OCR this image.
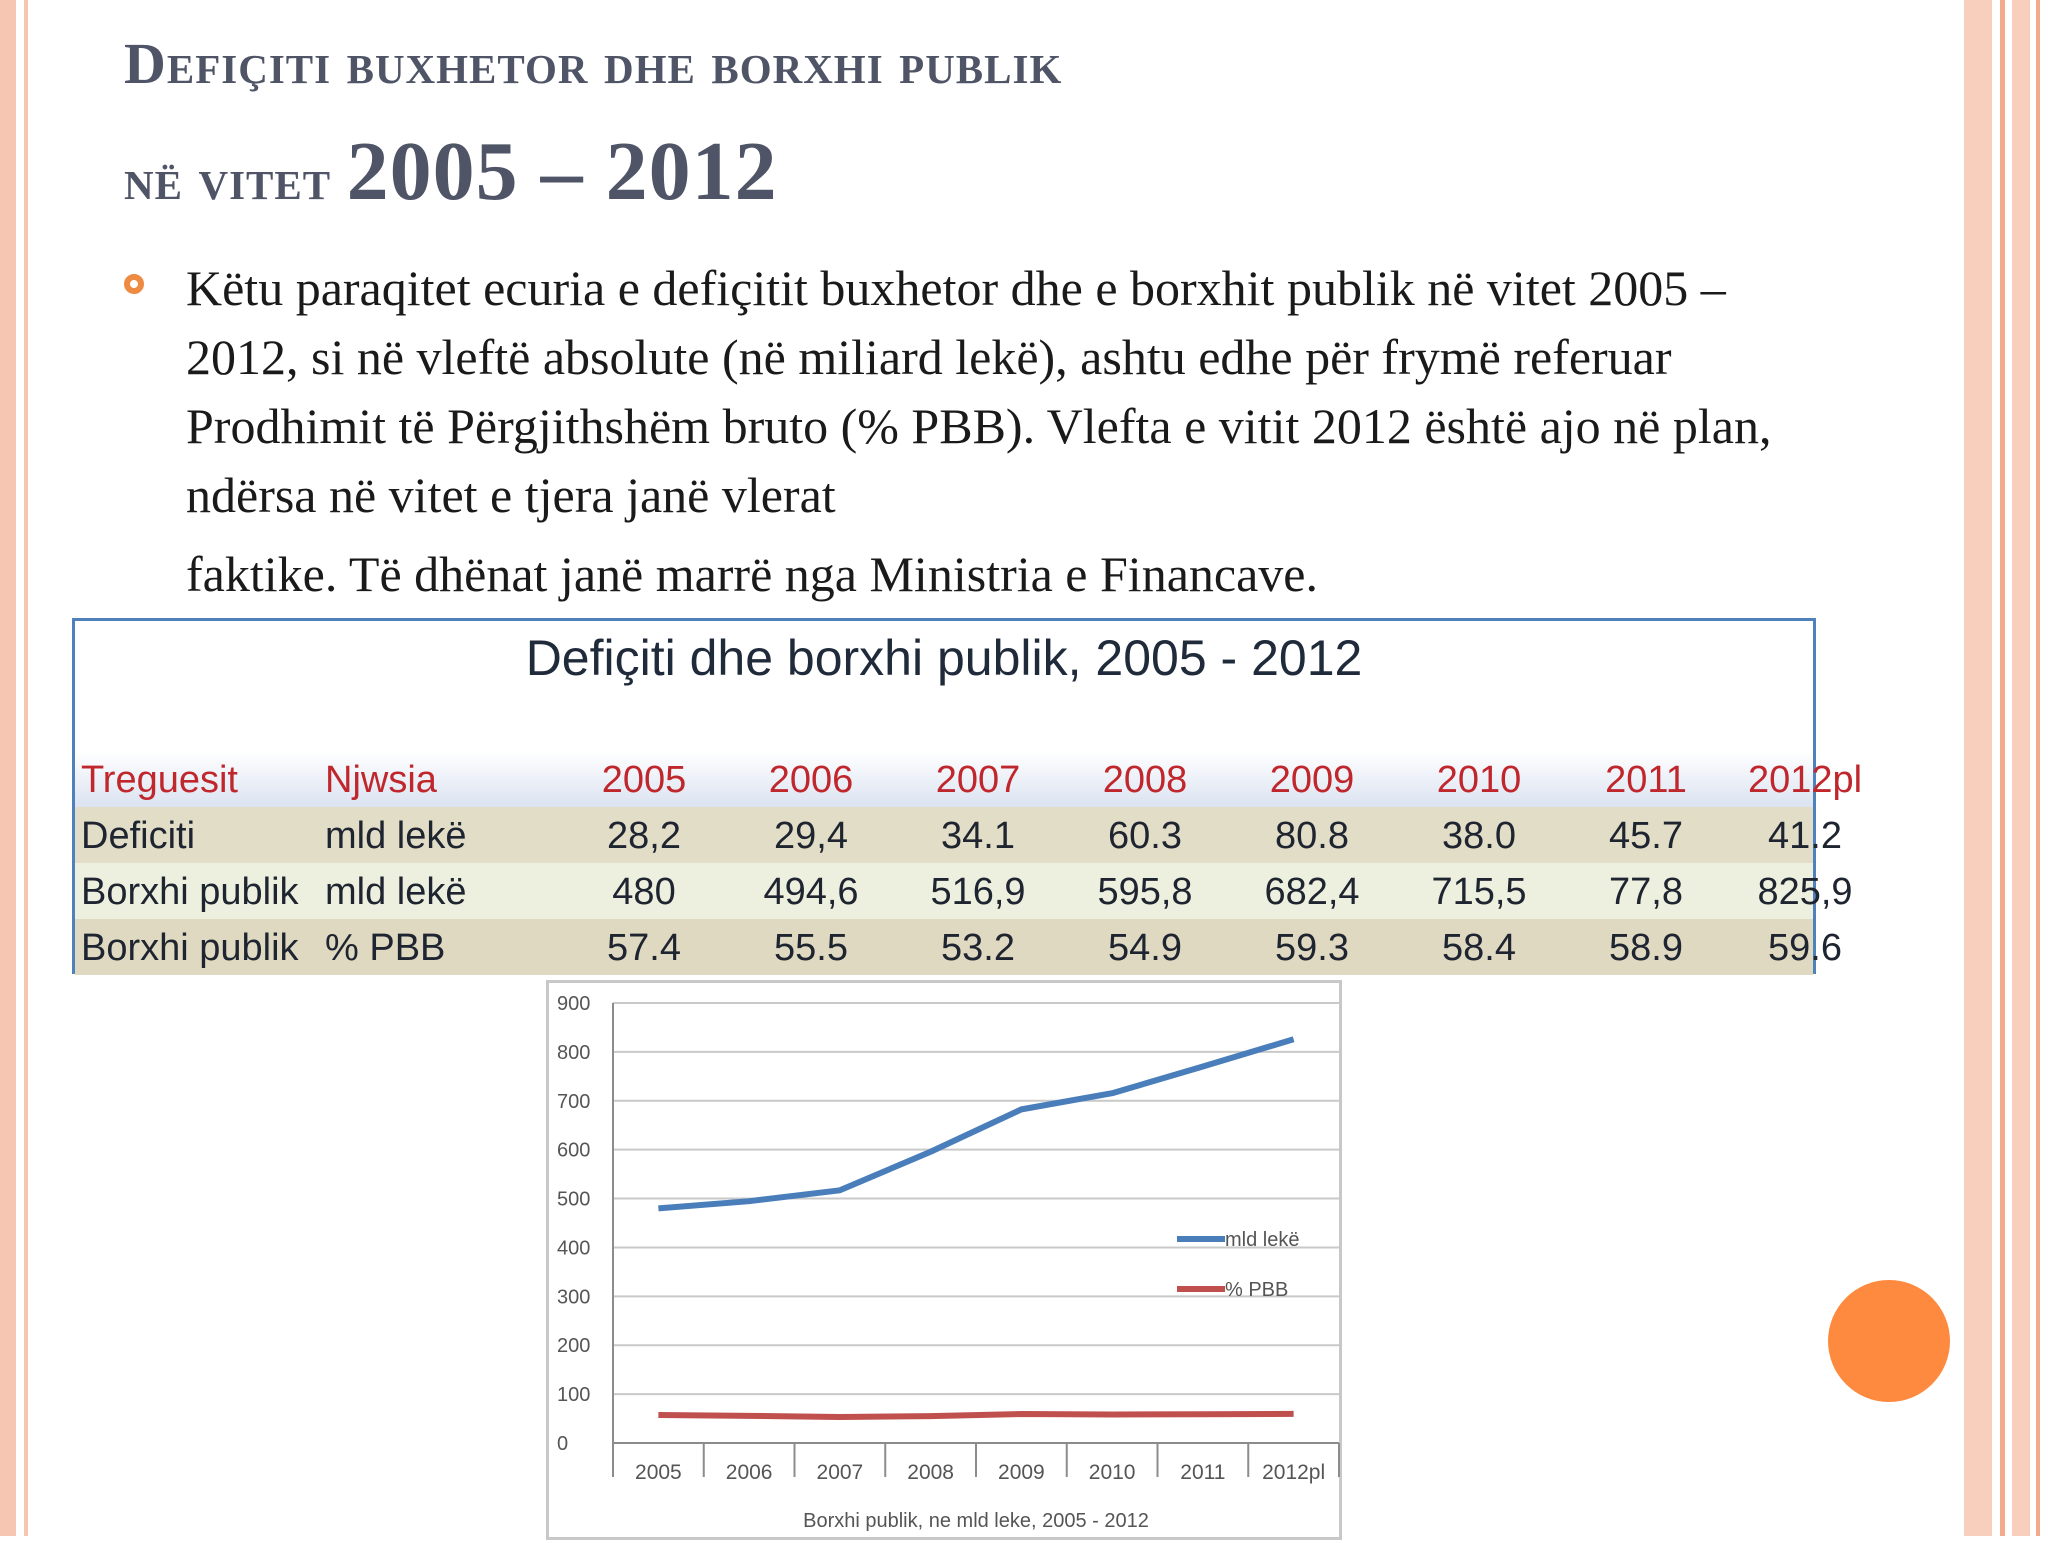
Defiçiti buxhetor dhe borxhi publik
në vitet 2005 – 2012
Këtu paraqitet ecuria e defiçitit buxhetor dhe e borxhit publik në vitet 2005 – 2012, si në vleftë absolute (në miliard lekë), ashtu edhe për frymë referuar Prodhimit të Përgjithshëm bruto (% PBB). Vlefta e vitit 2012 është ajo në plan, ndërsa në vitet e tjera janë vlerat
faktike. Të dhënat janë marrë nga Ministria e Financave.
Defiçiti dhe borxhi publik, 2005 - 2012
Treguesit Njwsia	2005	2006	2007	2008	2009	2010	2011	2012pl
Deficiti	mld lekë	28,2	29,4	34.1	60.3	80.8	38.0	45.7	41.2
Borxhi publik mld lekë	480	494,6	516,9	595,8	682,4	715,5	77,8	825,9
Borxhi publik % PBB	57.4	55.5	53.2	54.9	59.3	58.4	58.9	59.6
0
100
200
300
400
500
600
700
800
900
2005 2006 2007 2008 2009 2010 2011 2012pl
mld lekë
% PBB
Borxhi publik, ne mld leke, 2005 - 2012
